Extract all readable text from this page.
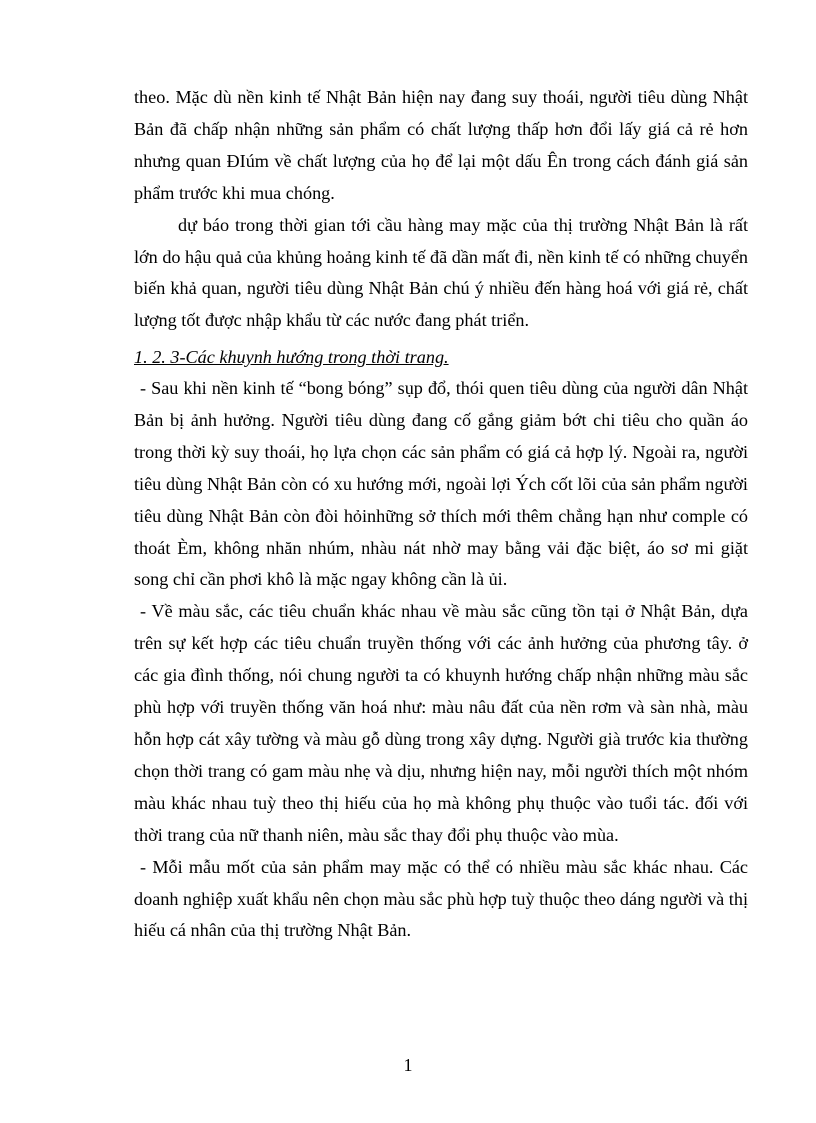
theo. Mặc dù nền kinh tế Nhật Bản hiện nay đang suy thoái, người tiêu dùng Nhật Bản đã chấp nhận những sản phẩm có chất lượng thấp hơn đổi lấy giá cả rẻ hơn nhưng quan ĐIúm về chất lượng của họ để lại một dấu Ên trong cách đánh giá sản phẩm trước khi mua chóng.

dự báo trong thời gian tới cầu hàng may mặc của thị trường Nhật Bản là rất lớn do hậu quả của khủng hoảng kinh tế đã dần mất đi, nền kinh tế có những chuyển biến khả quan, người tiêu dùng Nhật Bản chú ý nhiều đến hàng hoá với giá rẻ, chất lượng tốt được nhập khẩu từ các nước đang phát triển.

1. 2. 3-Các khuynh hướng trong thời trang.

- Sau khi nền kinh tế “bong bóng” sụp đổ, thói quen tiêu dùng của người dân Nhật Bản bị ảnh hưởng. Người tiêu dùng đang cố gắng giảm bớt chi tiêu cho quần áo trong thời kỳ suy thoái, họ lựa chọn các sản phẩm có giá cả hợp lý. Ngoài ra, người tiêu dùng Nhật Bản còn có xu hướng mới, ngoài lợi Ých cốt lõi của sản phẩm người tiêu dùng Nhật Bản còn đòi hỏinhững sở thích mới thêm chẳng hạn như comple có thoát Èm, không nhăn nhúm, nhàu nát nhờ may bằng vải đặc biệt, áo sơ mi giặt song chỉ cần phơi khô là mặc ngay không cần là ủi.

- Về màu sắc, các tiêu chuẩn khác nhau về màu sắc cũng tồn tại ở Nhật Bản, dựa trên sự kết hợp các tiêu chuẩn truyền thống với các ảnh hưởng của phương tây. ở các gia đình thống, nói chung người ta có khuynh hướng chấp nhận những màu sắc phù hợp với truyền thống văn hoá như: màu nâu đất của nền rơm và sàn nhà, màu hỗn hợp cát xây tường và màu gỗ dùng trong xây dựng. Người già trước kia thường chọn thời trang có gam màu nhẹ và dịu, nhưng hiện nay, mỗi người thích một nhóm màu khác nhau tuỳ theo thị hiếu của họ mà không phụ thuộc vào tuổi tác. đối với thời trang của nữ thanh niên, màu sắc thay đổi phụ thuộc vào mùa.

- Mỗi mẫu mốt của sản phẩm may mặc có thể có nhiều màu sắc khác nhau. Các doanh nghiệp xuất khẩu nên chọn màu sắc phù hợp tuỳ thuộc theo dáng người và thị hiếu cá nhân của thị trường Nhật Bản.

1
